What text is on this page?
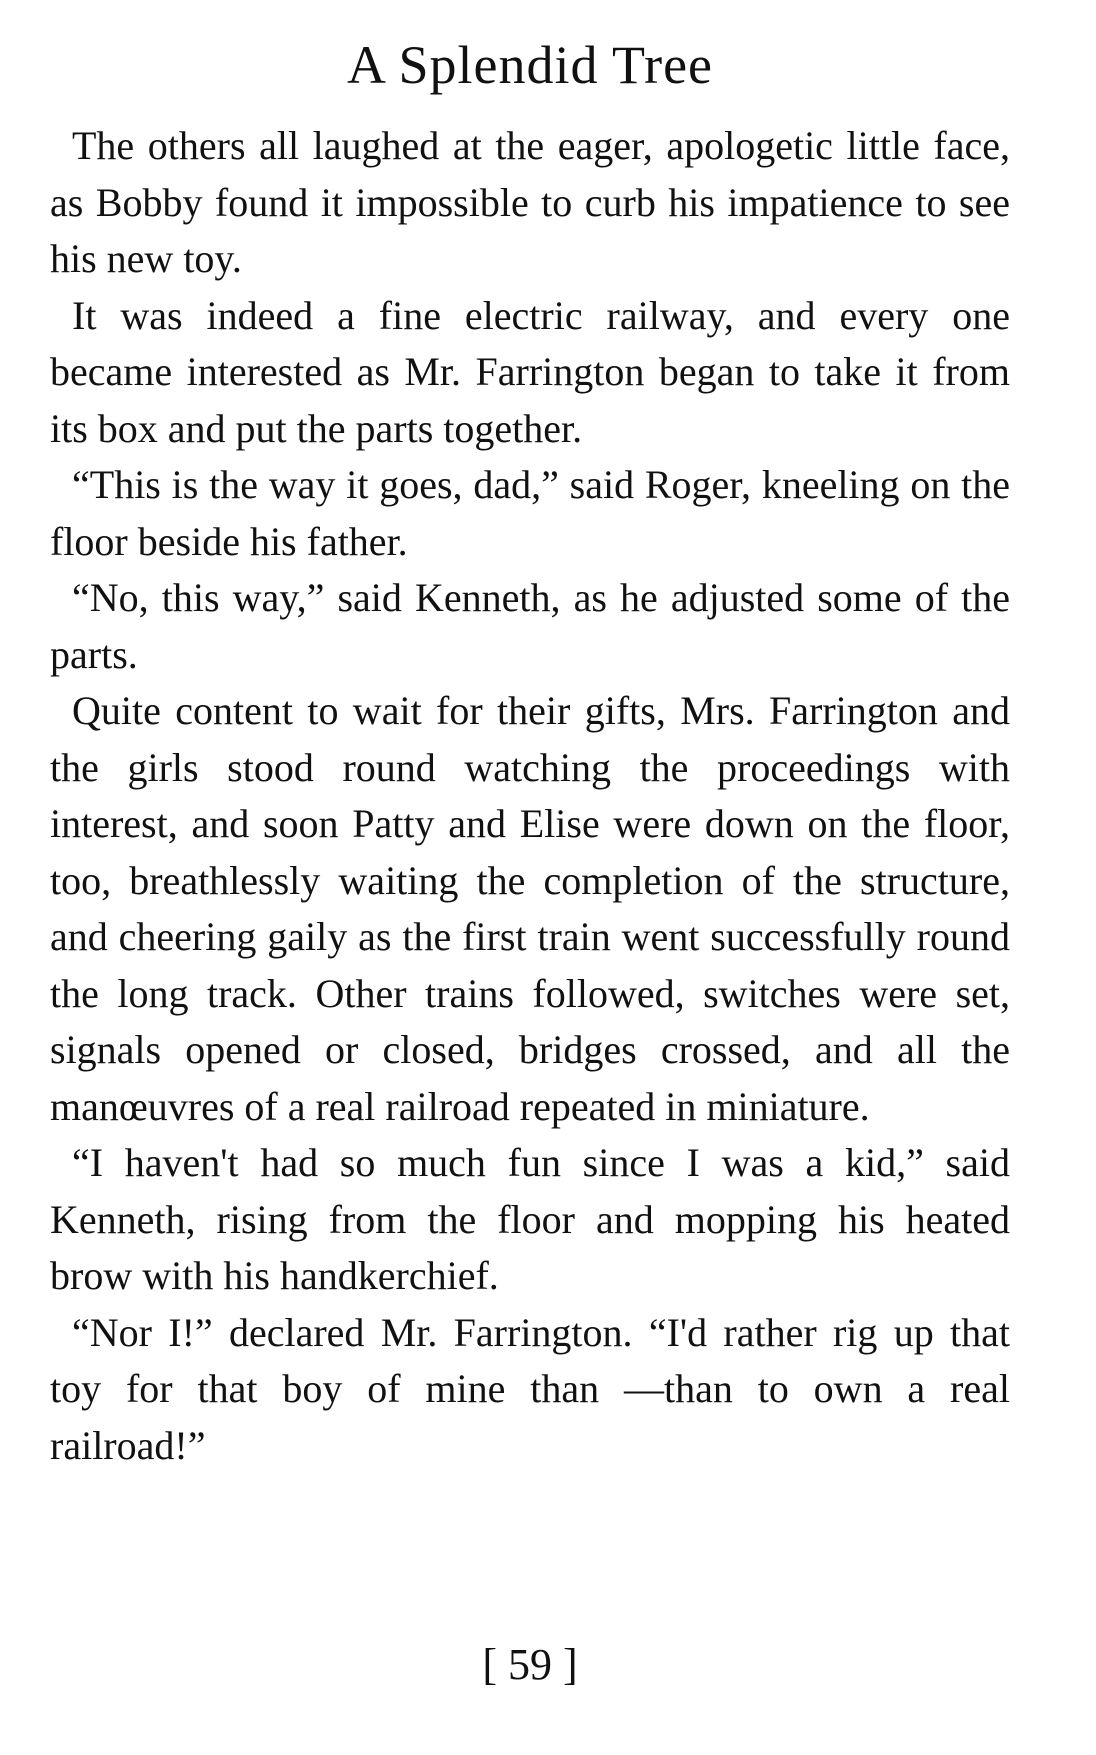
A Splendid Tree

The others all laughed at the eager, apologetic little face, as Bobby found it impossible to curb his impatience to see his new toy.

It was indeed a fine electric railway, and every one became interested as Mr. Farrington began to take it from its box and put the parts together.

“This is the way it goes, dad,” said Roger, kneeling on the floor beside his father.

“No, this way,” said Kenneth, as he adjusted some of the parts.

Quite content to wait for their gifts, Mrs. Farrington and the girls stood round watching the proceedings with interest, and soon Patty and Elise were down on the floor, too, breathlessly waiting the completion of the structure, and cheering gaily as the first train went successfully round the long track. Other trains followed, switches were set, signals opened or closed, bridges crossed, and all the manœuvres of a real railroad repeated in miniature.

“I haven't had so much fun since I was a kid,” said Kenneth, rising from the floor and mopping his heated brow with his handkerchief.

“Nor I!” declared Mr. Farrington. “I'd rather rig up that toy for that boy of mine than —than to own a real railroad!”

[ 59 ]
